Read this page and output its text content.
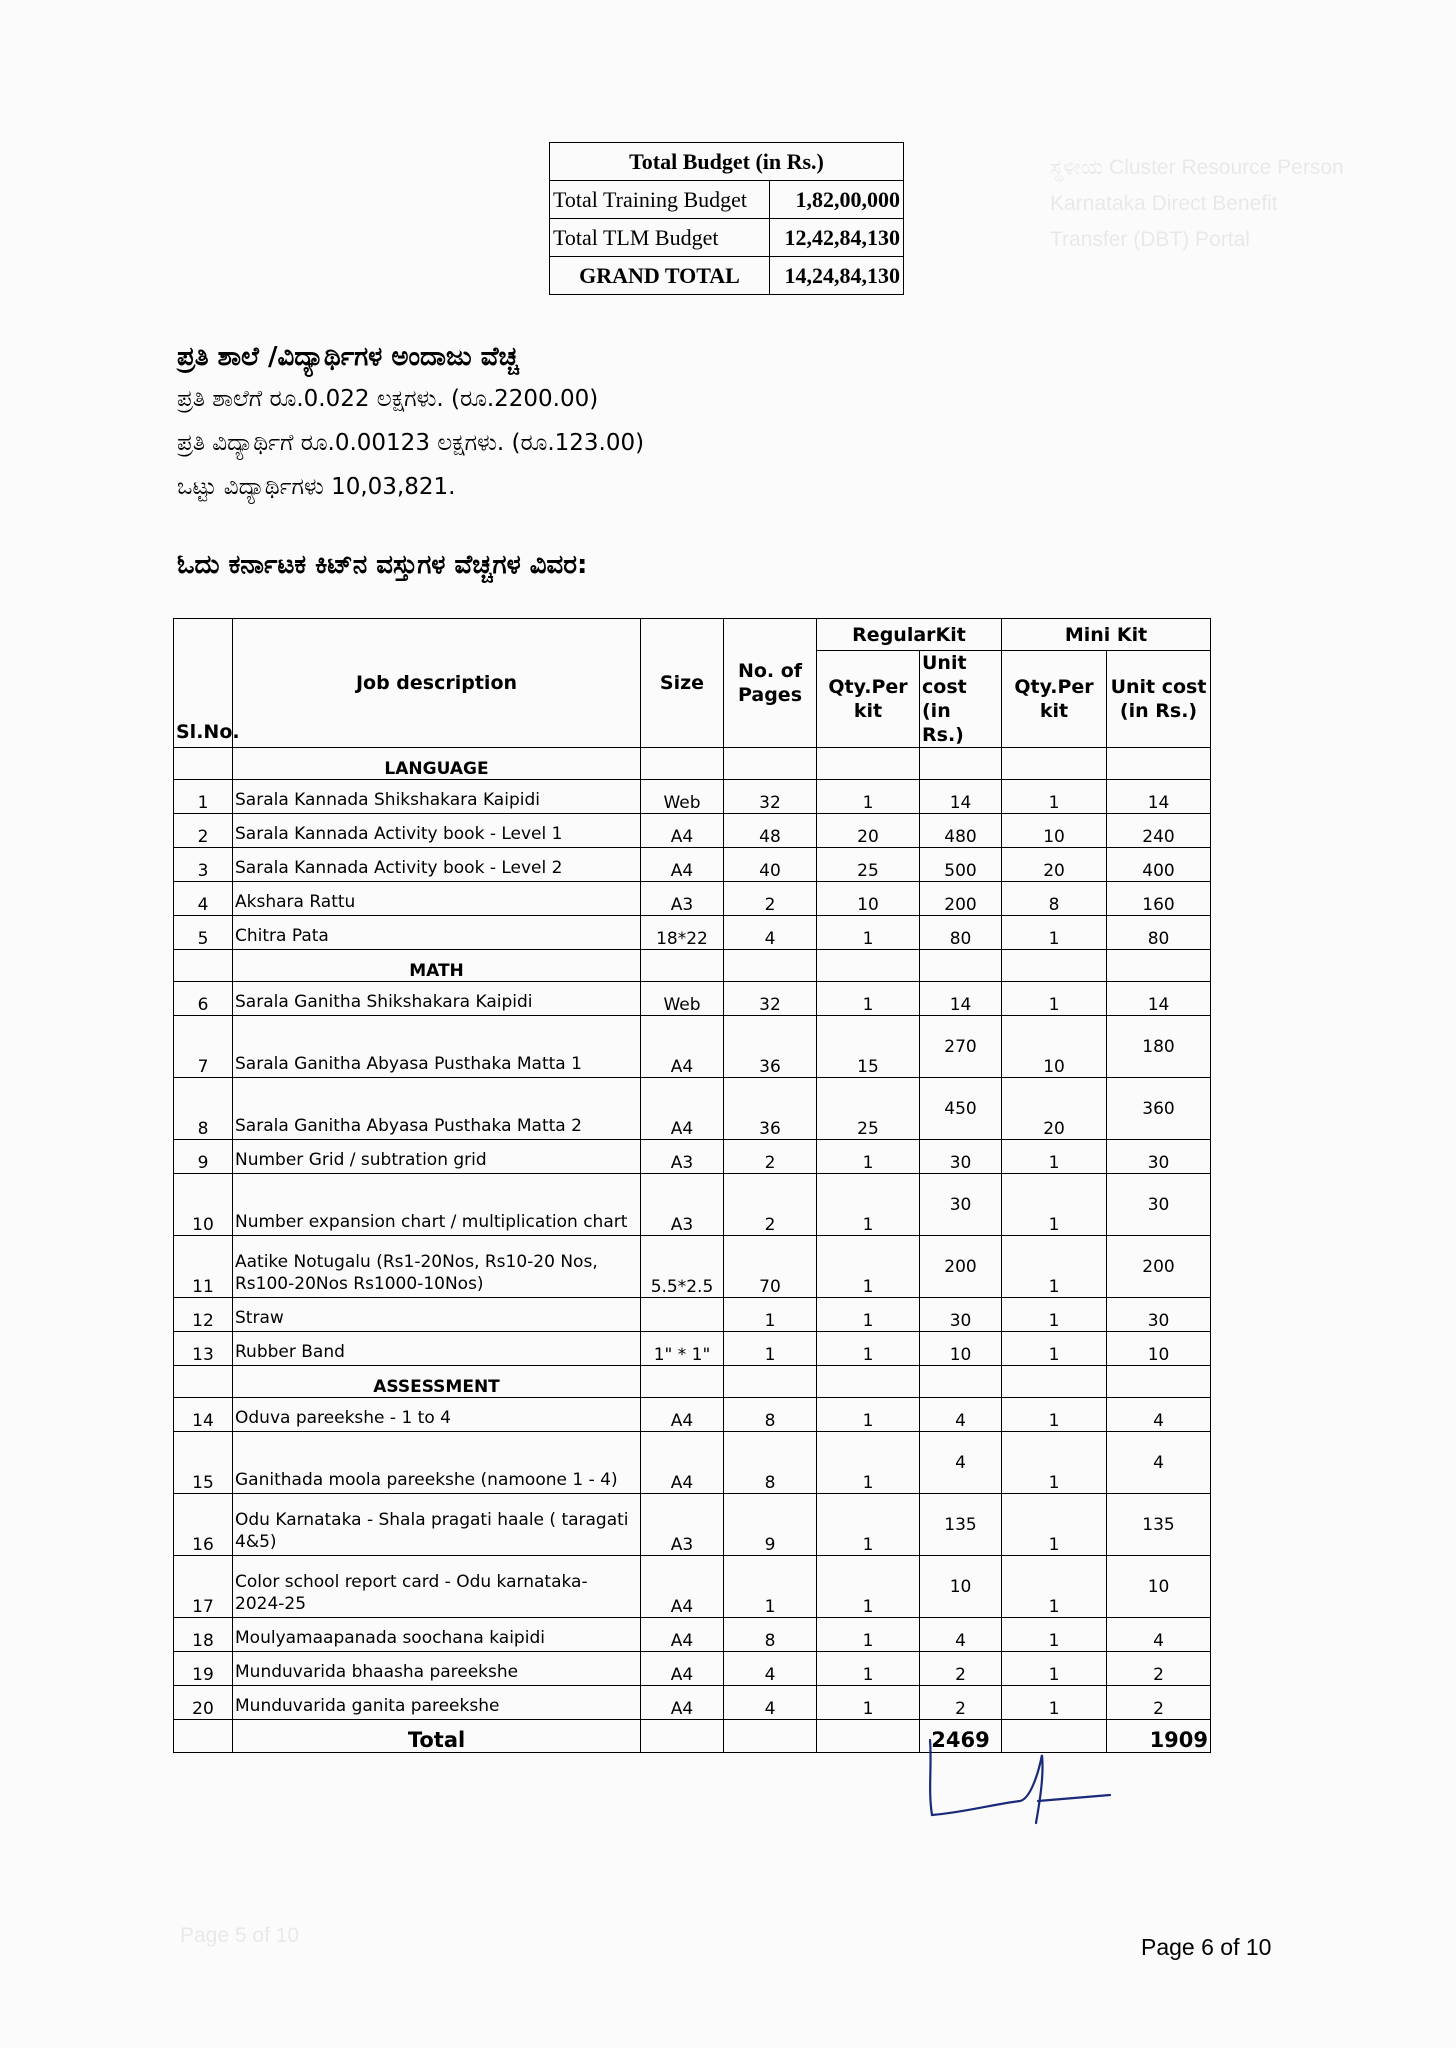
ಸ್ಥಳೀಯ Cluster Resource Person
Karnataka Direct Benefit
Transfer (DBT) Portal
Page 5 of 10
Total Budget (in Rs.)	
Total Training Budget	1,82,00,000
Total TLM Budget	12,42,84,130
GRAND TOTAL	14,24,84,130
ಪ್ರತಿ ಶಾಲೆ /ವಿದ್ಯಾರ್ಥಿಗಳ ಅಂದಾಜು ವೆಚ್ಚ
ಪ್ರತಿ ಶಾಲೆಗೆ ರೂ.0.022 ಲಕ್ಷಗಳು. (ರೂ.2200.00)
ಪ್ರತಿ ವಿದ್ಯಾರ್ಥಿಗೆ ರೂ.0.00123 ಲಕ್ಷಗಳು. (ರೂ.123.00)
ಒಟ್ಟು ವಿದ್ಯಾರ್ಥಿಗಳು 10,03,821.
ಓದು ಕರ್ನಾಟಕ ಕಿಟ್‌ನ ವಸ್ತುಗಳ ವೆಚ್ಚಗಳ ವಿವರ:
Sl.No.	Job description	Size	No. of Pages	RegularKit		Mini Kit	
				Qty.Per kit	Unit cost (in Rs.)	Qty.Per kit	Unit cost (in Rs.)
	LANGUAGE						
1	Sarala Kannada Shikshakara Kaipidi	Web	32	1	14	1	14
2	Sarala Kannada Activity book - Level 1	A4	48	20	480	10	240
3	Sarala Kannada Activity book - Level 2	A4	40	25	500	20	400
4	Akshara Rattu	A3	2	10	200	8	160
5	Chitra Pata	18*22	4	1	80	1	80
	MATH						
6	Sarala Ganitha Shikshakara Kaipidi	Web	32	1	14	1	14
7	Sarala Ganitha Abyasa Pusthaka Matta 1	A4	36	15	270	10	180
8	Sarala Ganitha Abyasa Pusthaka Matta 2	A4	36	25	450	20	360
9	Number Grid / subtration grid	A3	2	1	30	1	30
10	Number expansion chart / multiplication chart	A3	2	1	30	1	30
11	Aatike Notugalu (Rs1-20Nos, Rs10-20 Nos, Rs100-20Nos Rs1000-10Nos)	5.5*2.5	70	1	200	1	200
12	Straw		1	1	30	1	30
13	Rubber Band	1" * 1"	1	1	10	1	10
	ASSESSMENT						
14	Oduva pareekshe - 1 to 4	A4	8	1	4	1	4
15	Ganithada moola pareekshe (namoone 1 - 4)	A4	8	1	4	1	4
16	Odu Karnataka - Shala pragati haale ( taragati 4&5)	A3	9	1	135	1	135
17	Color school report card - Odu karnataka- 2024-25	A4	1	1	10	1	10
18	Moulyamaapanada soochana kaipidi	A4	8	1	4	1	4
19	Munduvarida bhaasha pareekshe	A4	4	1	2	1	2
20	Munduvarida ganita pareekshe	A4	4	1	2	1	2
	Total				2469		1909
Page 6 of 10
